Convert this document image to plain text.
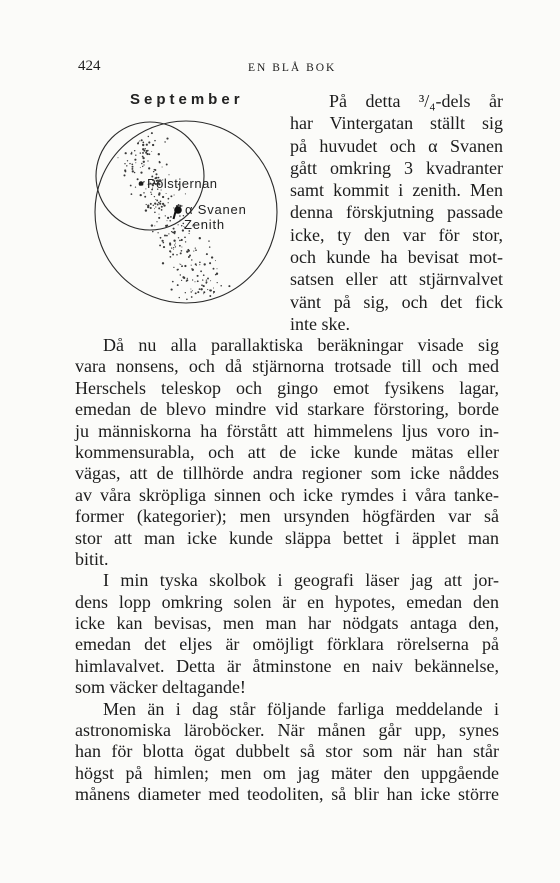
424	EN BLÅ BOK
September
Polstjernan
α Svanen
Zenith
På detta ³/₄-dels år
har Vintergatan ställt sig
på huvudet och α Svanen
gått omkring 3 kvadranter
samt kommit i zenith. Men
denna förskjutning passade
icke, ty den var för stor,
och kunde ha bevisat mot-
satsen eller att stjärnvalvet
vänt på sig, och det fick
inte ske.
Då nu alla parallaktiska beräkningar visade sig
vara nonsens, och då stjärnorna trotsade till och med
Herschels teleskop och gingo emot fysikens lagar,
emedan de blevo mindre vid starkare förstoring, borde
ju människorna ha förstått att himmelens ljus voro in-
kommensurabla, och att de icke kunde mätas eller
vägas, att de tillhörde andra regioner som icke nåddes
av våra skröpliga sinnen och icke rymdes i våra tanke-
former (kategorier); men ursynden högfärden var så
stor att man icke kunde släppa bettet i äpplet man
bitit.
I min tyska skolbok i geografi läser jag att jor-
dens lopp omkring solen är en hypotes, emedan den
icke kan bevisas, men man har nödgats antaga den,
emedan det eljes är omöjligt förklara rörelserna på
himlavalvet. Detta är åtminstone en naiv bekännelse,
som väcker deltagande!
Men än i dag står följande farliga meddelande i
astronomiska läroböcker. När månen går upp, synes
han för blotta ögat dubbelt så stor som när han står
högst på himlen; men om jag mäter den uppgående
månens diameter med teodoliten, så blir han icke större
